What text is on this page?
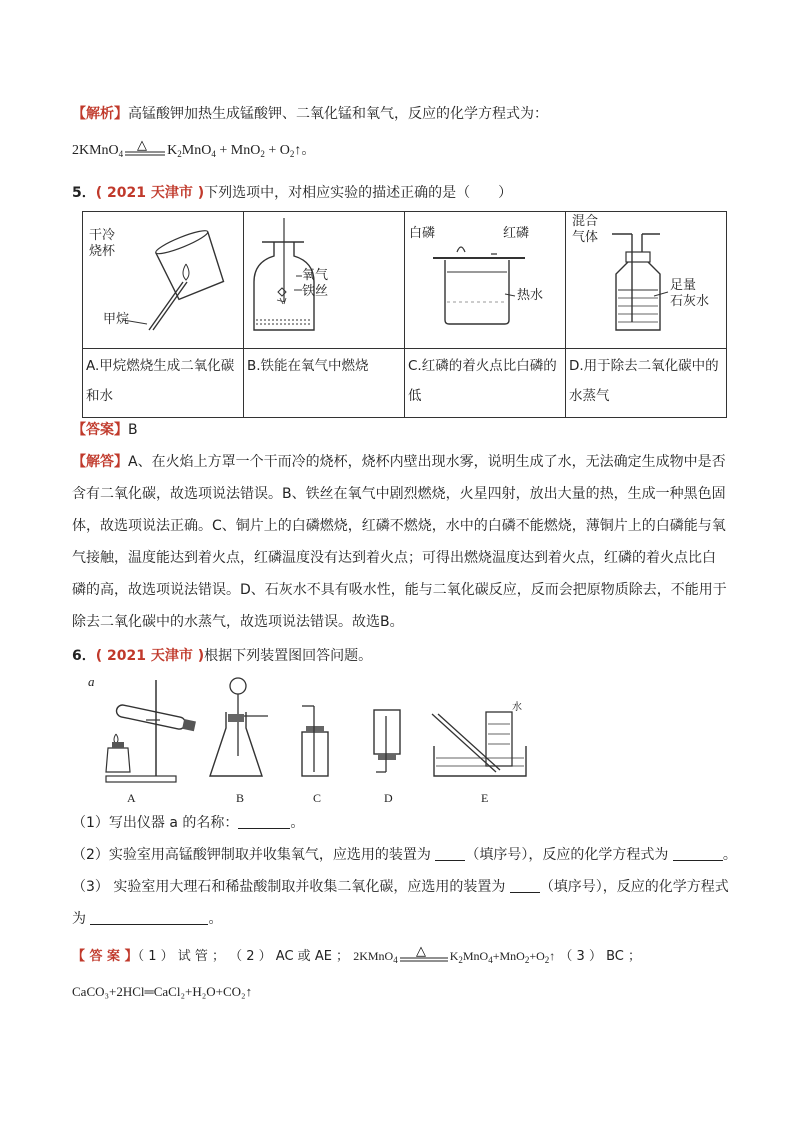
【解析】高锰酸钾加热生成锰酸钾、二氧化锰和氧气，反应的化学方程式为：
2KMnO$_4$
△ $K_2MnO_4 + MnO_2$ + $O_2↑$。
5．( 2021 天津市 )下列选项中，对相应实验的描述正确的是（　　）
干冷
烧杯
甲烷	氧气
铁丝	白磷 红磷
热水	混合
气体
足量
石灰水

A.甲烷燃烧生成二氧化碳和水	B.铁能在氧气中燃烧	C.红磷的着火点比白磷的低	D.用于除去二氧化碳中的水蒸气
【答案】B
【解答】A、在火焰上方罩一个干而冷的烧杯，烧杯内壁出现水雾，说明生成了水，无法确定生成物中是否
含有二氧化碳，故选项说法错误。B、铁丝在氧气中剧烈燃烧，火星四射，放出大量的热，生成一种黑色固
体，故选项说法正确。C、铜片上的白磷燃烧，红磷不燃烧，水中的白磷不能燃烧，薄铜片上的白磷能与氧
气接触，温度能达到着火点，红磷温度没有达到着火点；可得出燃烧温度达到着火点，红磷的着火点比白
磷的高，故选项说法错误。D、石灰水不具有吸水性，能与二氧化碳反应，反而会把原物质除去，不能用于
除去二氧化碳中的水蒸气，故选项说法错误。故选B。
6．( 2021 天津市 )根据下列装置图回答问题。
a
水
A	B	C	D	E
（1）写出仪器 a 的名称：	。
（2）实验室用高锰酸钾制取并收集氧气，应选用的装置为 （填序号），反应的化学方程式为	。
（3） 实验室用大理石和稀盐酸制取并收集二氧化碳，应选用的装置为 （填序号），反应的化学方程式
为	。
【 答 案 】（ 1 ） 试 管 ； （ 2 ） AC 或 AE ； 2KMnO$_4$
△ $K_2MnO_4+MnO_2+O_2↑$ （ 3 ） BC ；
CaCO₃+2HCl═CaCl₂+H₂O+CO₂↑
